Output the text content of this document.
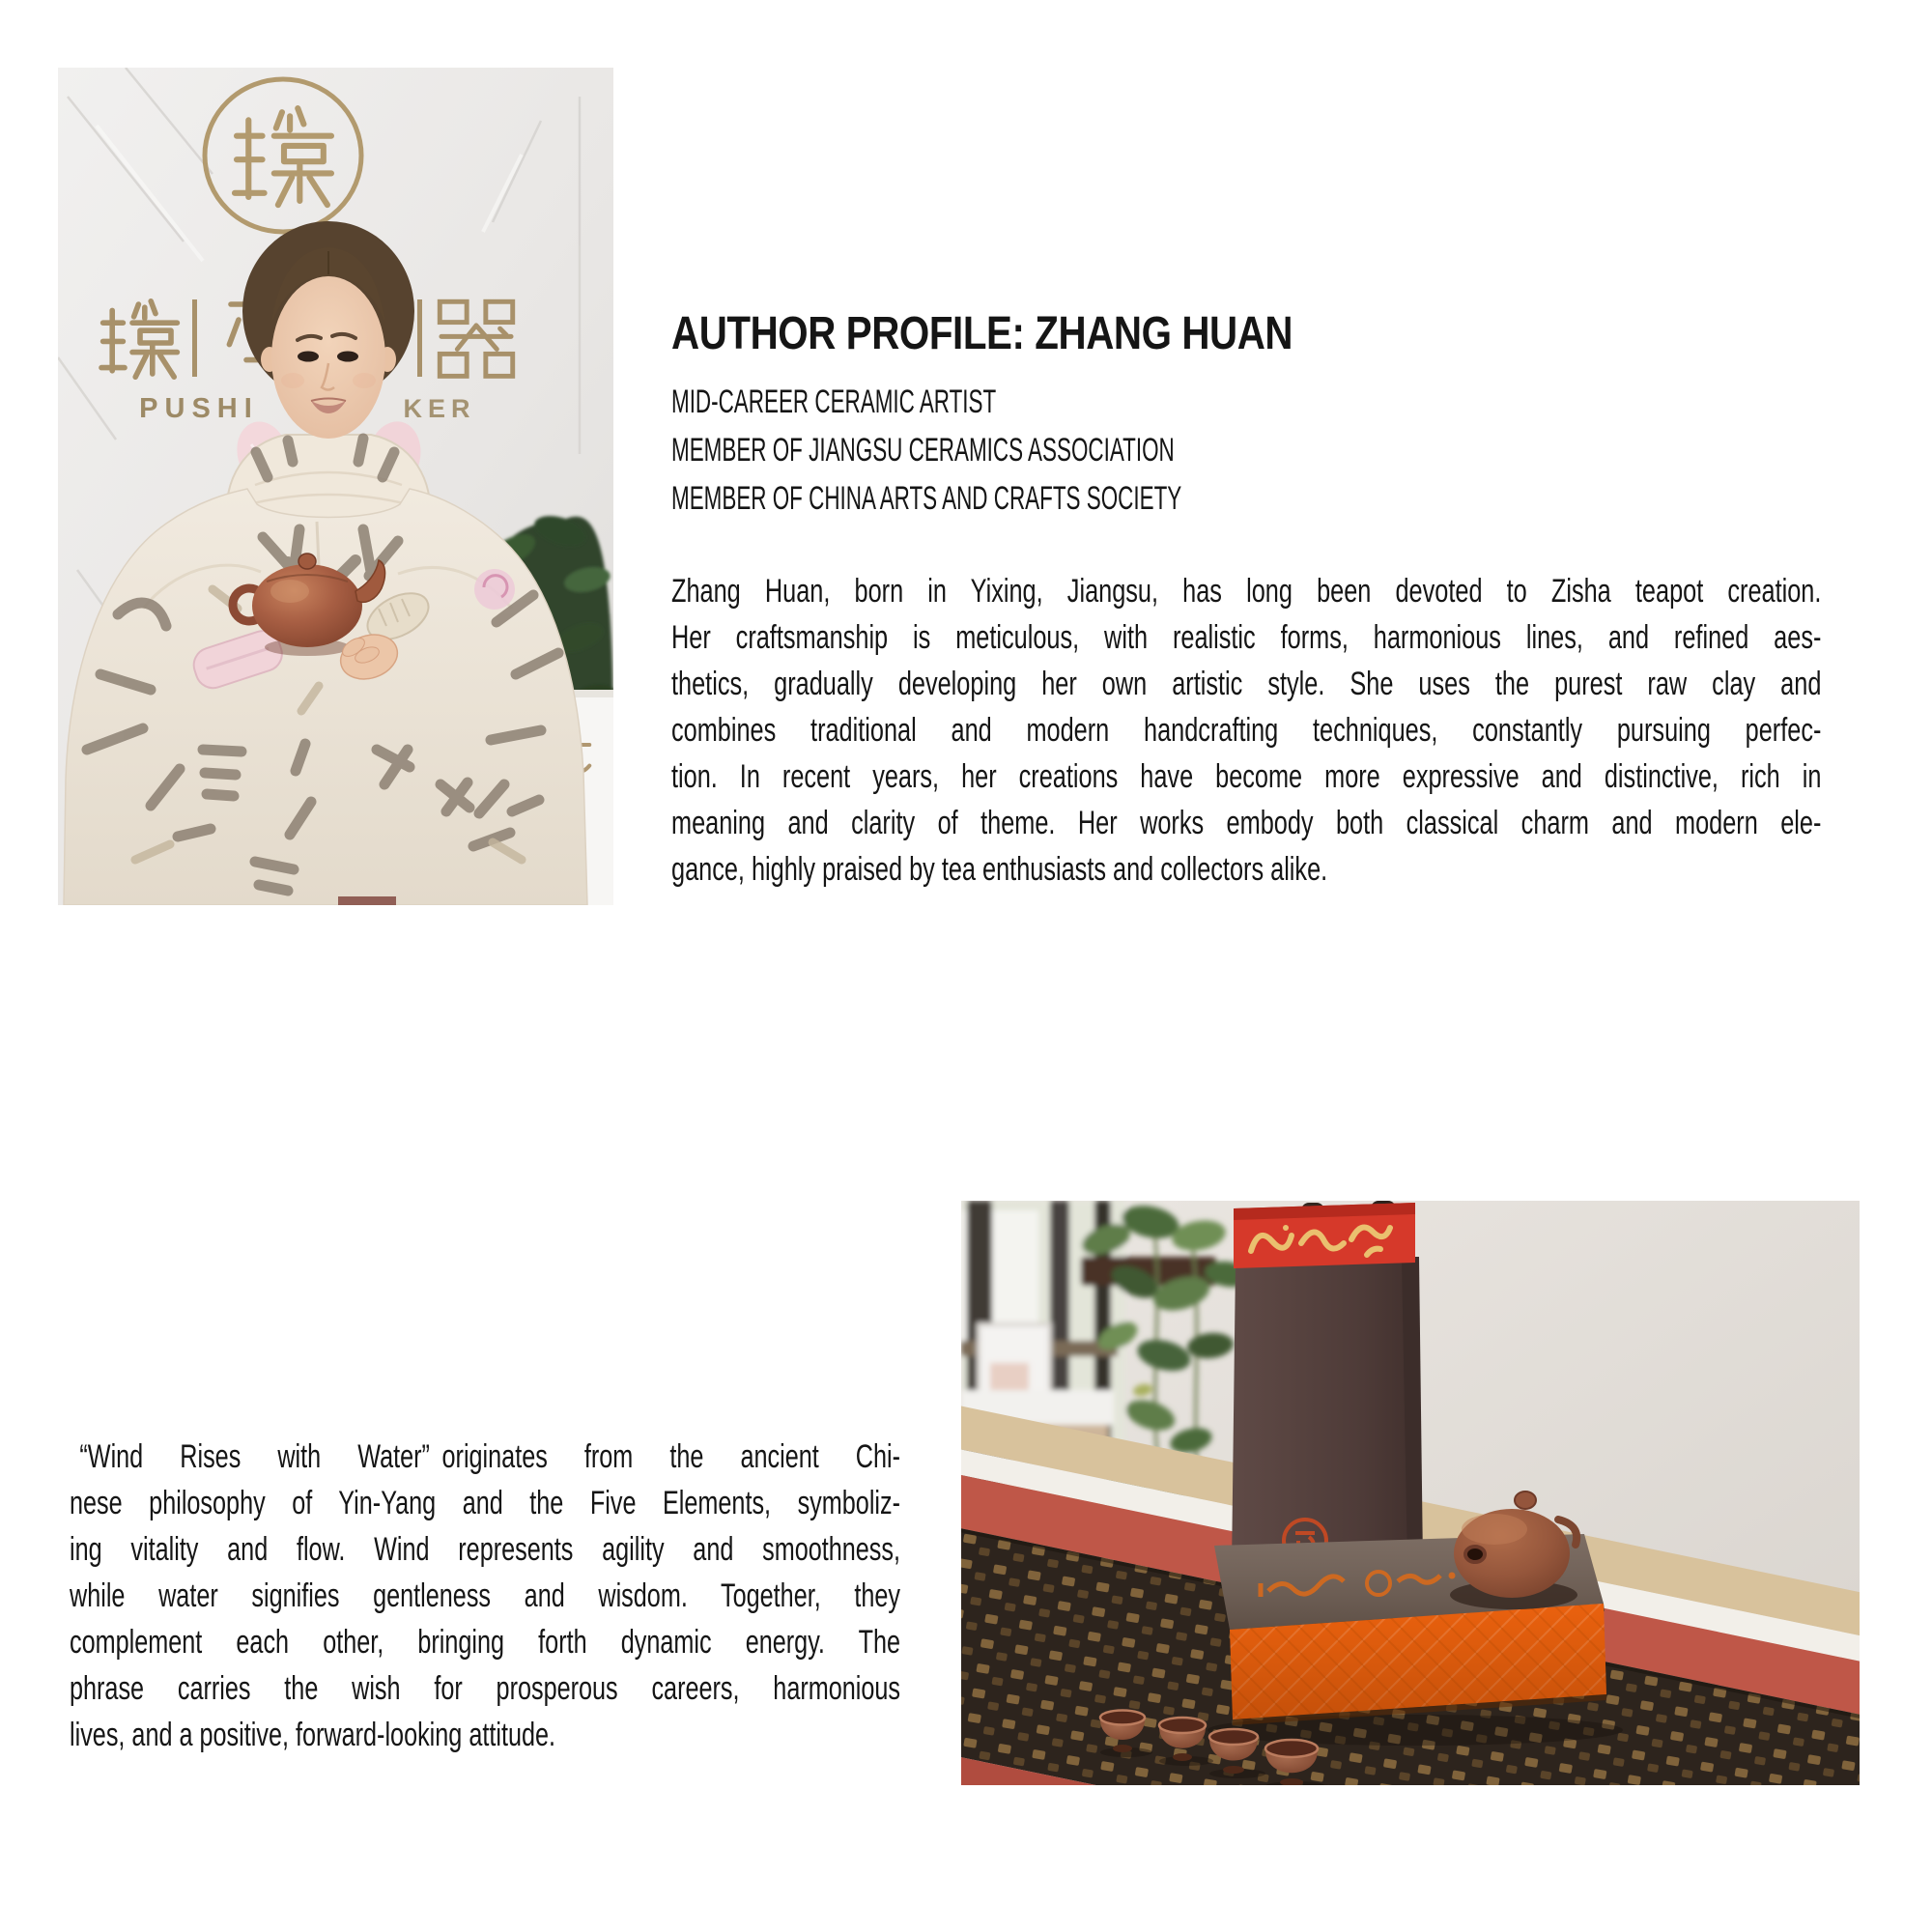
PUSHI	KER
AUTHOR PROFILE: ZHANG HUAN
MID-CAREER CERAMIC ARTIST
MEMBER OF JIANGSU CERAMICS ASSOCIATION
MEMBER OF CHINA ARTS AND CRAFTS SOCIETY
Zhang Huan, born in Yixing, Jiangsu, has long been devoted to Zisha teapot creation.
Her craftsmanship is meticulous, with realistic forms, harmonious lines, and refined aes-
thetics, gradually developing her own artistic style. She uses the purest raw clay and
combines traditional and modern handcrafting techniques, constantly pursuing perfec-
tion. In recent years, her creations have become more expressive and distinctive, rich in
meaning and clarity of theme. Her works embody both classical charm and modern ele-
gance, highly praised by tea enthusiasts and collectors alike.
“Wind Rises with Water” originates from the ancient Chi-
nese philosophy of Yin-Yang and the Five Elements, symboliz-
ing vitality and flow. Wind represents agility and smoothness,
while water signifies gentleness and wisdom. Together, they
complement each other, bringing forth dynamic energy. The
phrase carries the wish for prosperous careers, harmonious
lives, and a positive, forward-looking attitude.
